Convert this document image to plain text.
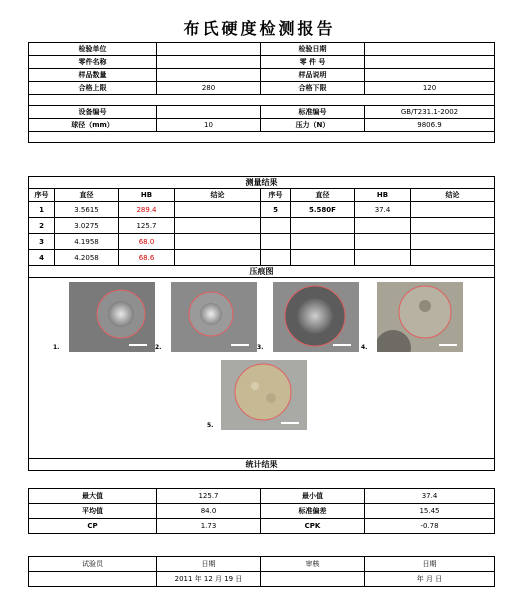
布氏硬度检测报告
检验单位		检验日期	
零件名称		零 件 号	
样品数量		样品说明	
合格上限	280	合格下限	120

设备编号		标准编号	GB/T231.1-2002
球径（mm）	10	压力（N）	9806.9

测量结果							
序号	直径	HB	结论	序号	直径	HB	结论
1	3.5615	289.4		5	5.580F	37.4	
2	3.0275	125.7					
3	4.1958	68.0					
4	4.2058	68.6					
压痕图							

1. 2. 3. 4.
5.							

统计结果							
最大值	125.7	最小值	37.4
平均值	84.0	标准偏差	15.45
CP	1.73	CPK	-0.78
试验员	日期	审核	日期
	2011 年 12 月 19 日		年 月 日
